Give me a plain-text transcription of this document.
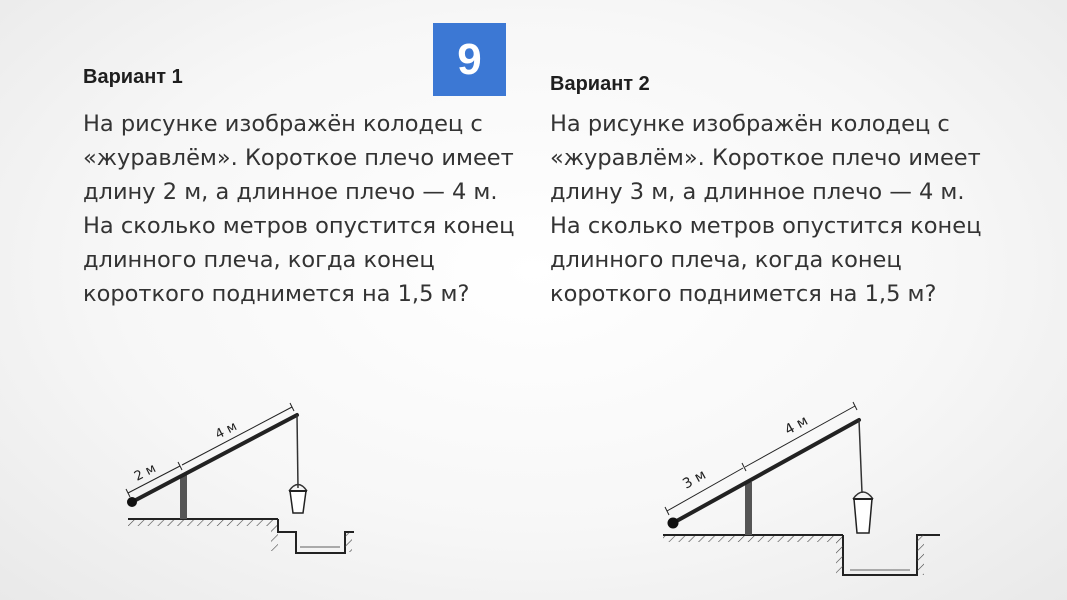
9
Вариант 1

На рисунке изображён колодец с «журавлём». Короткое плечо имеет длину 2 м, а длинное плечо — 4 м. На сколько метров опустится конец длинного плеча, когда конец короткого поднимется на 1,5 м?

Вариант 2

На рисунке изображён колодец с «журавлём». Короткое плечо имеет длину 3 м, а длинное плечо — 4 м. На сколько метров опустится конец длинного плеча, когда конец короткого поднимется на 1,5 м?

2 м
4 м
3 м
4 м
